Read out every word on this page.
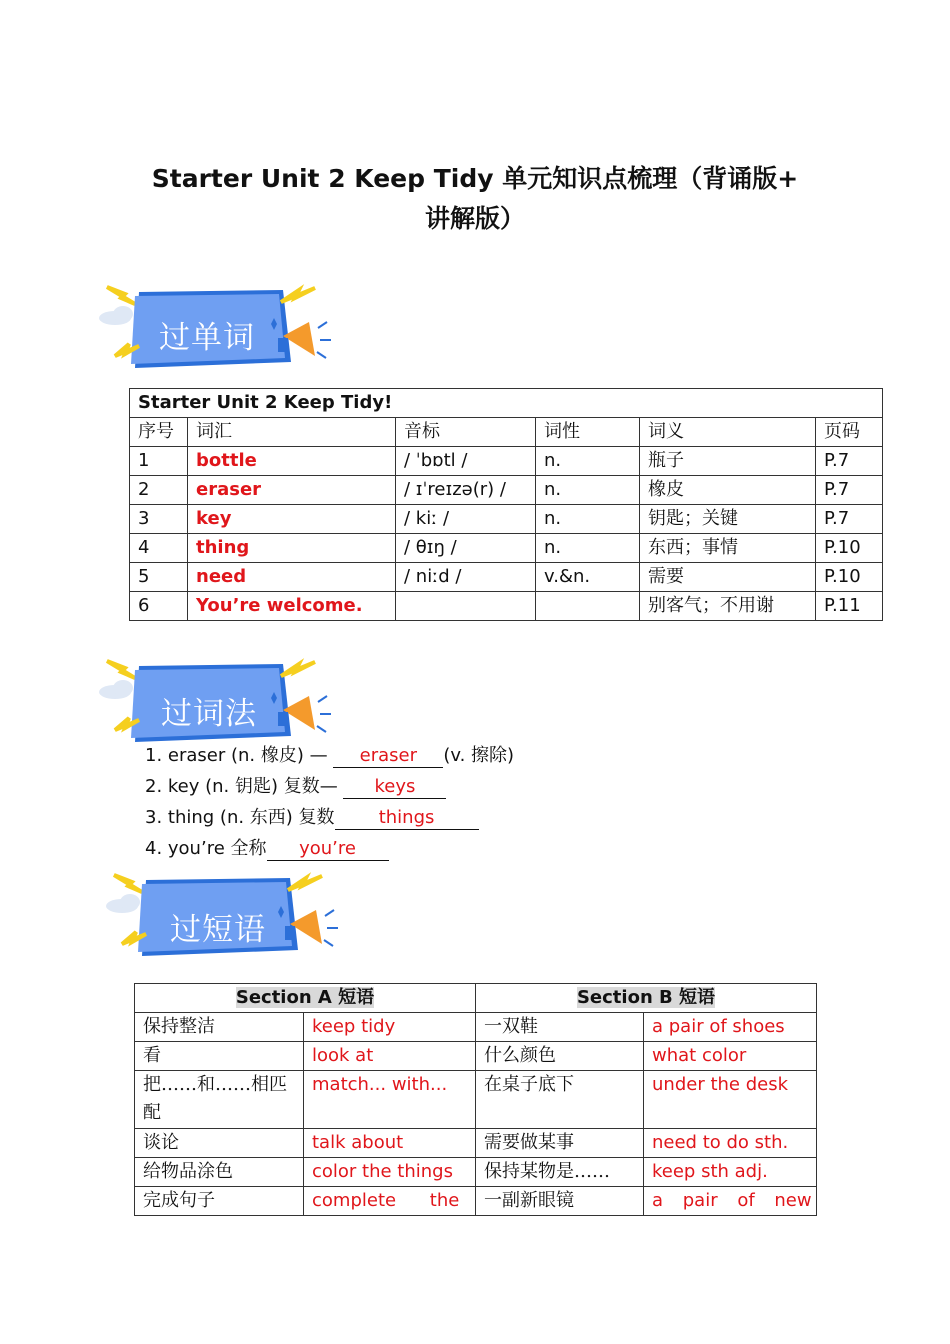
Starter Unit 2 Keep Tidy 单元知识点梳理（背诵版+
讲解版）
过单词
过词法
过短语
Starter Unit 2 Keep Tidy!					
序号	词汇	音标	词性	词义	页码
1	bottle	/ ˈbɒtl /	n.	瓶子	P.7
2	eraser	/ ɪˈreɪzə(r) /	n.	橡皮	P.7
3	key	/ kiː /	n.	钥匙；关键	P.7
4	thing	/ θɪŋ /	n.	东西；事情	P.10
5	need	/ niːd /	v.&n.	需要	P.10
6	You’re welcome.			别客气；不用谢	P.11
1. eraser (n. 橡皮) — eraser (v. 擦除)
2. key (n. 钥匙) 复数— keys
3. thing (n. 东西) 复数 things
4. you’re 全称 you’re
Section A 短语		Section B 短语	
保持整洁	keep tidy	一双鞋	a pair of shoes
看	look at	什么颜色	what color
把……和……相匹配	match... with...	在桌子底下	under the desk
谈论	talk about	需要做某事	need to do sth.
给物品涂色	color the things	保持某物是……	keep sth adj.
完成句子	complete the	一副新眼镜	a pair of new
